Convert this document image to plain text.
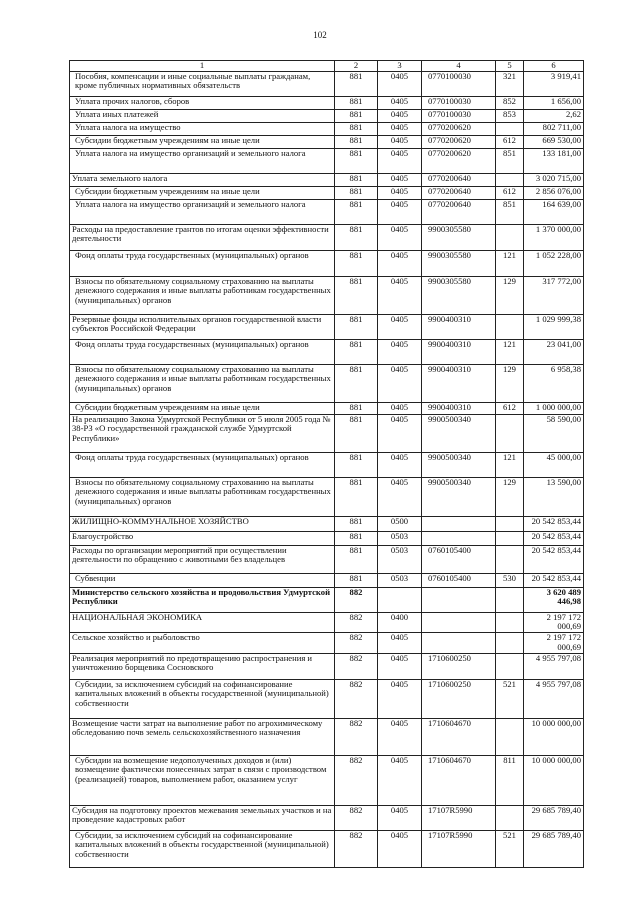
102
1	2	3	4	5	6
Пособия, компенсации и иные социальные выплаты гражданам, кроме публичных нормативных обязательств	881	0405	0770100030	321	3 919,41
Уплата прочих налогов, сборов	881	0405	0770100030	852	1 656,00
Уплата иных платежей	881	0405	0770100030	853	2,62
Уплата налога на имущество	881	0405	0770200620		802 711,00
Субсидии бюджетным учреждениям на иные цели	881	0405	0770200620	612	669 530,00
Уплата налога на имущество организаций и земельного налога	881	0405	0770200620	851	133 181,00
Уплата земельного налога	881	0405	0770200640		3 020 715,00
Субсидии бюджетным учреждениям на иные цели	881	0405	0770200640	612	2 856 076,00
Уплата налога на имущество организаций и земельного налога	881	0405	0770200640	851	164 639,00
Расходы на предоставление грантов по итогам оценки эффективности деятельности	881	0405	9900305580		1 370 000,00
Фонд оплаты труда государственных (муниципальных) органов	881	0405	9900305580	121	1 052 228,00
Взносы по обязательному социальному страхованию на выплаты денежного содержания и иные выплаты работникам государственных (муниципальных) органов	881	0405	9900305580	129	317 772,00
Резервные фонды исполнительных органов государственной власти субъектов Российской Федерации	881	0405	9900400310		1 029 999,38
Фонд оплаты труда государственных (муниципальных) органов	881	0405	9900400310	121	23 041,00
Взносы по обязательному социальному страхованию на выплаты денежного содержания и иные выплаты работникам государственных (муниципальных) органов	881	0405	9900400310	129	6 958,38
Субсидии бюджетным учреждениям на иные цели	881	0405	9900400310	612	1 000 000,00
На реализацию Закона Удмуртской Республики от 5 июля 2005 года № 38-РЗ «О государственной гражданской службе Удмуртской Республики»	881	0405	9900500340		58 590,00
Фонд оплаты труда государственных (муниципальных) органов	881	0405	9900500340	121	45 000,00
Взносы по обязательному социальному страхованию на выплаты денежного содержания и иные выплаты работникам государственных (муниципальных) органов	881	0405	9900500340	129	13 590,00
ЖИЛИЩНО-КОММУНАЛЬНОЕ ХОЗЯЙСТВО	881	0500			20 542 853,44
Благоустройство	881	0503			20 542 853,44
Расходы по организации мероприятий при осуществлении деятельности по обращению с животными без владельцев	881	0503	0760105400		20 542 853,44
Субвенции	881	0503	0760105400	530	20 542 853,44
Министерство сельского хозяйства и продовольствия Удмуртской Республики	882				3 620 489 446,98
НАЦИОНАЛЬНАЯ ЭКОНОМИКА	882	0400			2 197 172 000,69
Сельское хозяйство и рыболовство	882	0405			2 197 172 000,69
Реализация мероприятий по предотвращению распространения и уничтожению борщевика Сосновского	882	0405	1710600250		4 955 797,08
Субсидии, за исключением субсидий на софинансирование капитальных вложений в объекты государственной (муниципальной) собственности	882	0405	1710600250	521	4 955 797,08
Возмещение части затрат на выполнение работ по агрохимическому обследованию почв земель сельскохозяйственного назначения	882	0405	1710604670		10 000 000,00
Субсидии на возмещение недополученных доходов и (или) возмещение фактически понесенных затрат в связи с производством (реализацией) товаров, выполнением работ, оказанием услуг	882	0405	1710604670	811	10 000 000,00
Субсидия на подготовку проектов межевания земельных участков и на проведение кадастровых работ	882	0405	17107R5990		29 685 789,40
Субсидии, за исключением субсидий на софинансирование капитальных вложений в объекты государственной (муниципальной) собственности	882	0405	17107R5990	521	29 685 789,40
